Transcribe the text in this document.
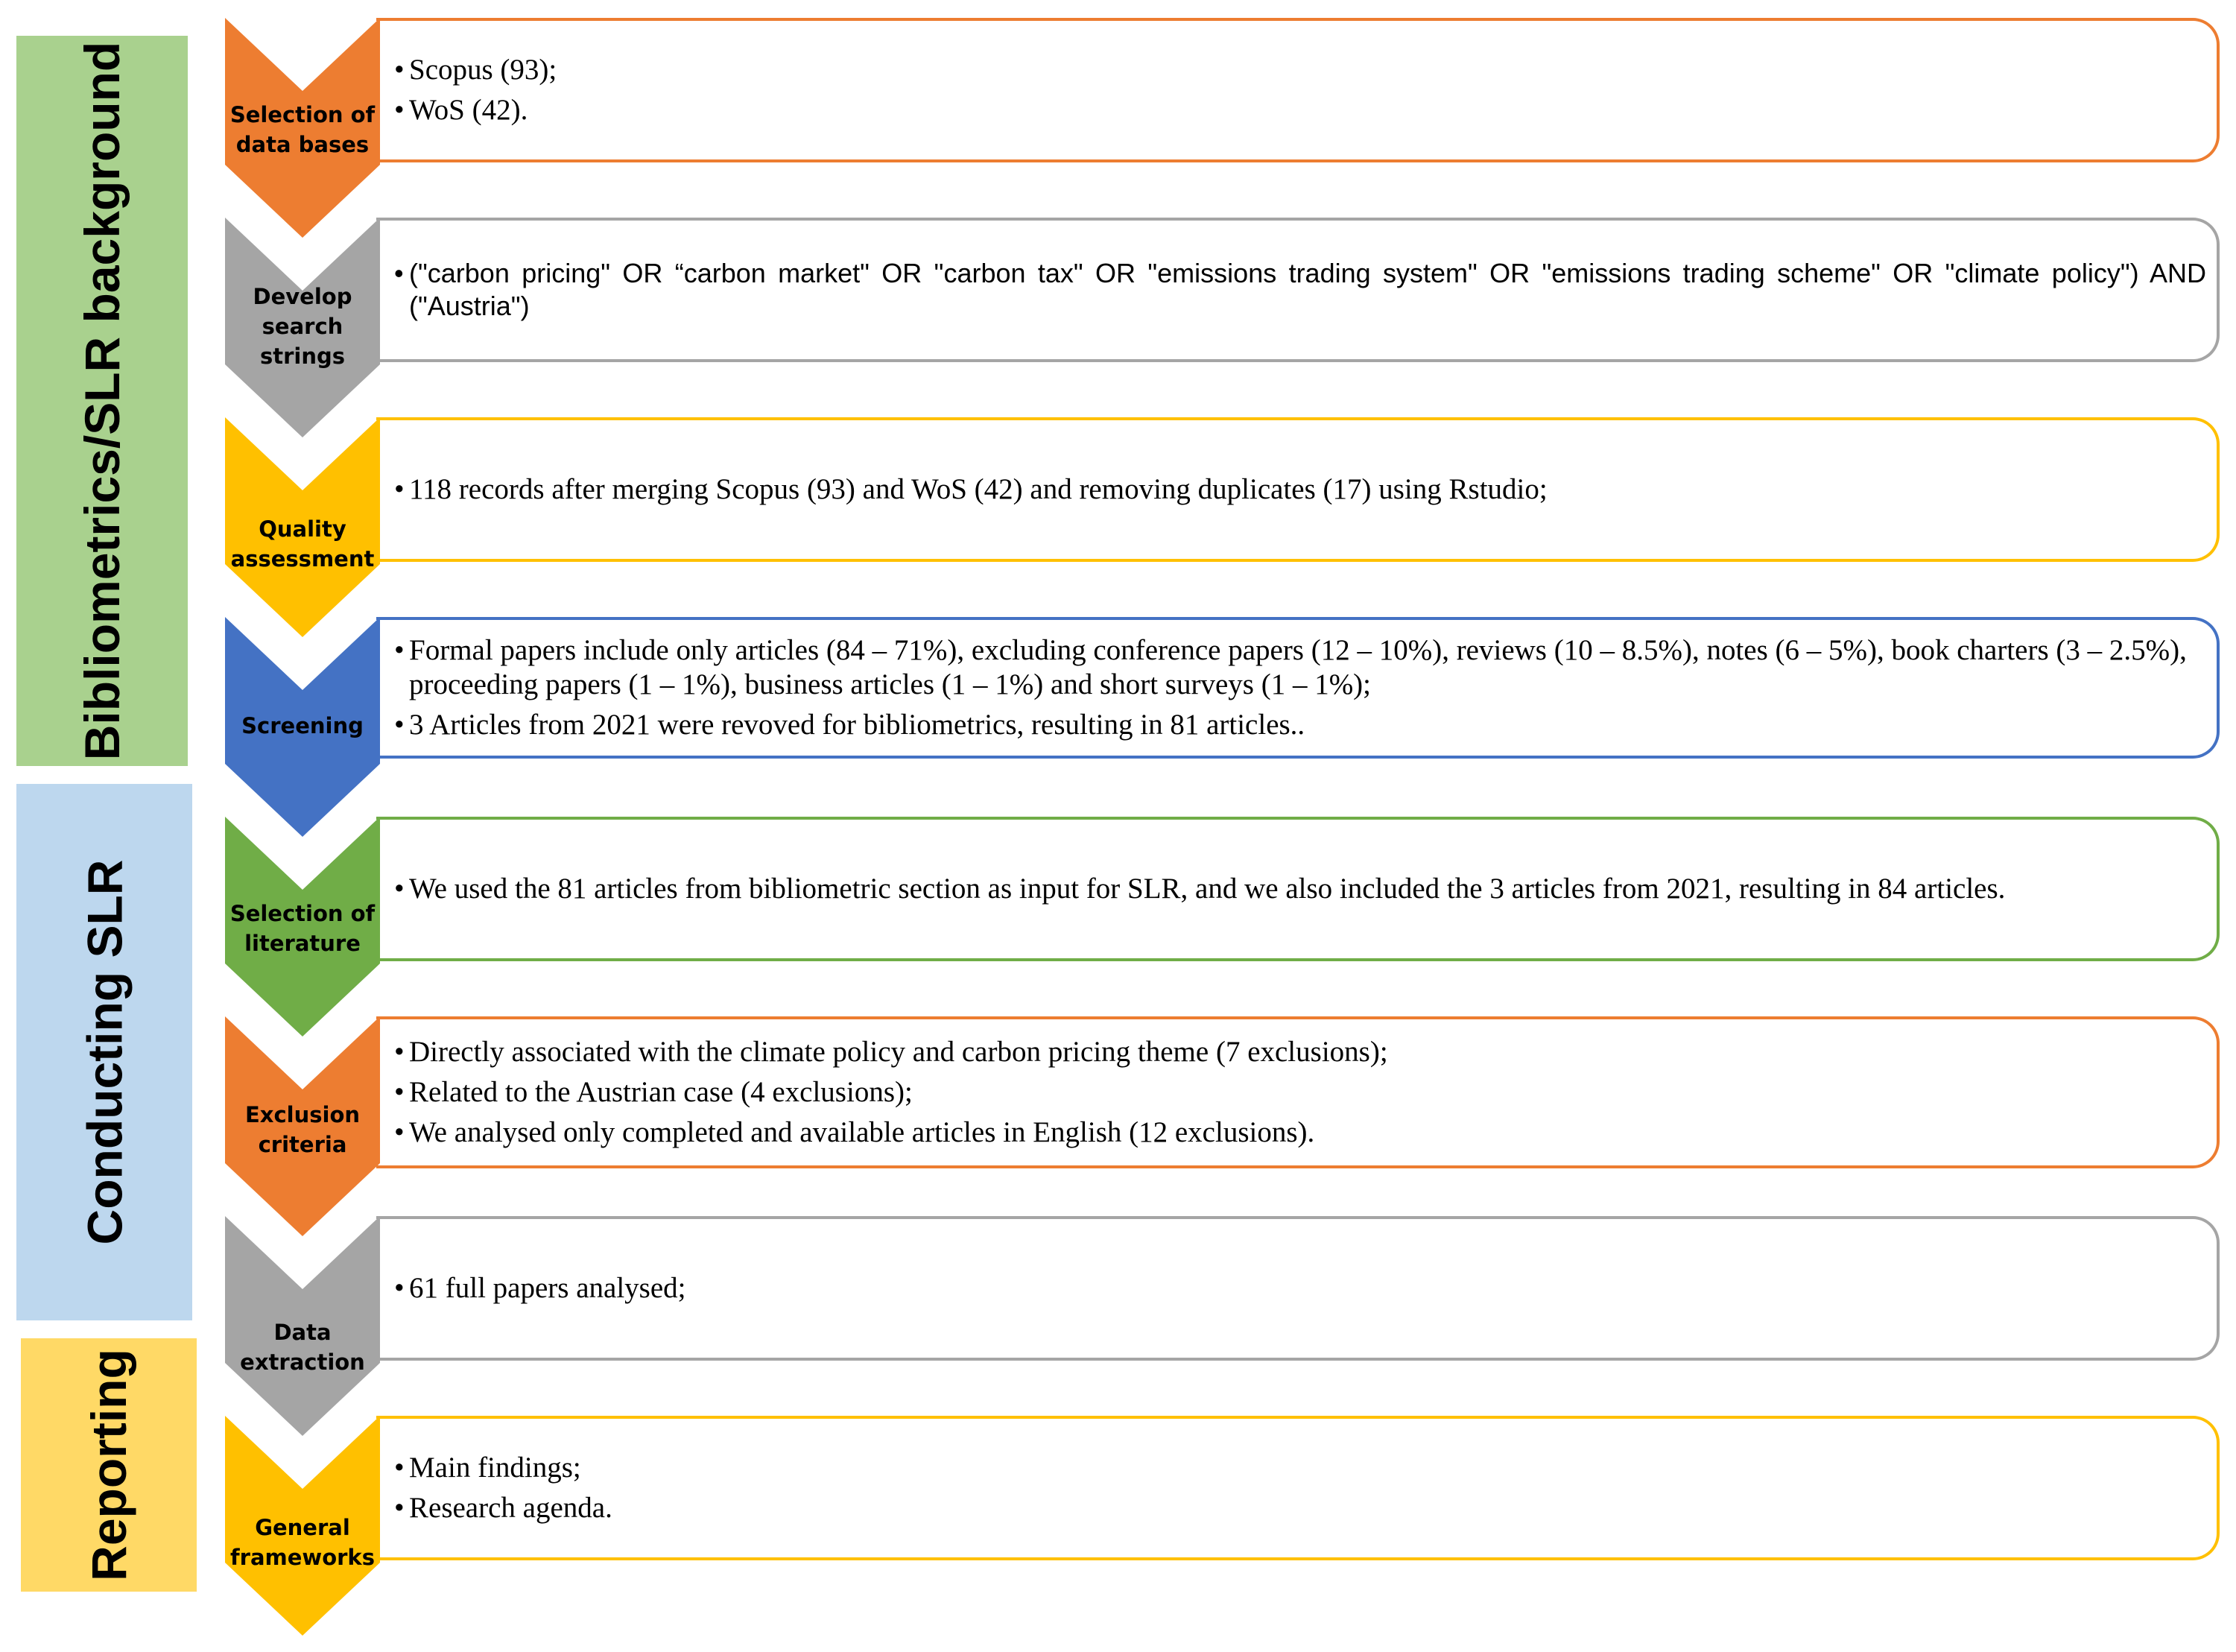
Bibliometrics/SLR background
Conducting SLR
Reporting
• Scopus (93);
• WoS (42).
Selection of
data bases
• ("carbon pricing" OR “carbon market" OR "carbon tax" OR "emissions trading system" OR "emissions trading scheme" OR "climate policy") AND ("Austria")
Develop
search
strings
• 118 records after merging Scopus (93) and WoS (42) and removing duplicates (17) using Rstudio;
Quality
assessment
• Formal papers include only articles (84 – 71%), excluding conference papers (12 – 10%), reviews (10 – 8.5%), notes (6 – 5%), book charters (3 – 2.5%), proceeding papers (1 – 1%), business articles (1 – 1%) and short surveys (1 – 1%);
• 3 Articles from 2021 were revoved for bibliometrics, resulting in 81 articles..
Screening
• We used the 81 articles from bibliometric section as input for SLR, and we also included the 3 articles from 2021, resulting in 84 articles.
Selection of
literature
• Directly associated with the climate policy and carbon pricing theme (7 exclusions);
• Related to the Austrian case (4 exclusions);
• We analysed only completed and available articles in English (12 exclusions).
Exclusion
criteria
• 61 full papers analysed;
Data
extraction
• Main findings;
• Research agenda.
General
frameworks
